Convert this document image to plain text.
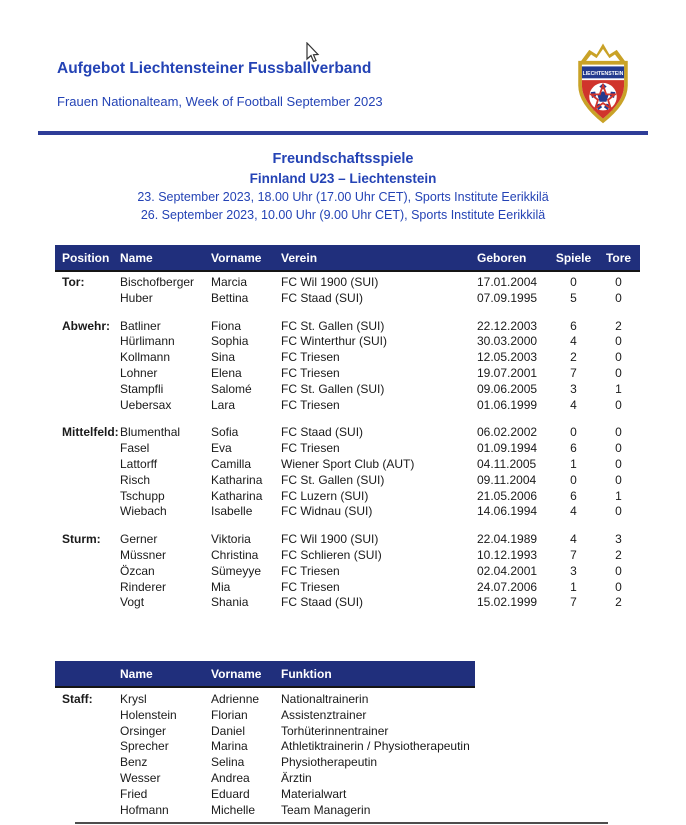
Aufgebot Liechtensteiner Fussballverband
Frauen Nationalteam, Week of Football September 2023
LIECHTENSTEIN
Freundschaftsspiele
Finnland U23 – Liechtenstein
23. September 2023, 18.00 Uhr (17.00 Uhr CET), Sports Institute Eerikkilä
26. September 2023, 10.00 Uhr (9.00 Uhr CET), Sports Institute Eerikkilä
Position Name	Vorname	Verein	Geboren	Spiele	Tore
Tor:	Bischofberger	Marcia	FC Wil 1900 (SUI)	17.01.2004	0	0
Huber	Bettina	FC Staad (SUI)	07.09.1995	5	0
Abwehr: Batliner	Fiona	FC St. Gallen (SUI)	22.12.2003	6	2
Hürlimann	Sophia	FC Winterthur (SUI)	30.03.2000	4	0
Kollmann	Sina	FC Triesen	12.05.2003	2	0
Lohner	Elena	FC Triesen	19.07.2001	7	0
Stampfli	Salomé	FC St. Gallen (SUI)	09.06.2005	3	1
Uebersax	Lara	FC Triesen	01.06.1999	4	0
Mittelfeld: Blumenthal	Sofia	FC Staad (SUI)	06.02.2002	0	0
Fasel	Eva	FC Triesen	01.09.1994	6	0
Lattorff	Camilla	Wiener Sport Club (AUT)	04.11.2005	1	0
Risch	Katharina	FC St. Gallen (SUI)	09.11.2004	0	0
Tschupp	Katharina	FC Luzern (SUI)	21.05.2006	6	1
Wiebach	Isabelle	FC Widnau (SUI)	14.06.1994	4	0
Sturm:	Gerner	Viktoria	FC Wil 1900 (SUI)	22.04.1989	4	3
Müssner	Christina	FC Schlieren (SUI)	10.12.1993	7	2
Özcan	Sümeyye	FC Triesen	02.04.2001	3	0
Rinderer	Mia	FC Triesen	24.07.2006	1	0
Vogt	Shania	FC Staad (SUI)	15.02.1999	7	2
Name	Vorname	Funktion
Staff:	Krysl	Adrienne	Nationaltrainerin
Holenstein	Florian	Assistenztrainer
Orsinger	Daniel	Torhüterinnentrainer
Sprecher	Marina	Athletiktrainerin / Physiotherapeutin
Benz	Selina	Physiotherapeutin
Wesser	Andrea	Ärztin
Fried	Eduard	Materialwart
Hofmann	Michelle	Team Managerin
